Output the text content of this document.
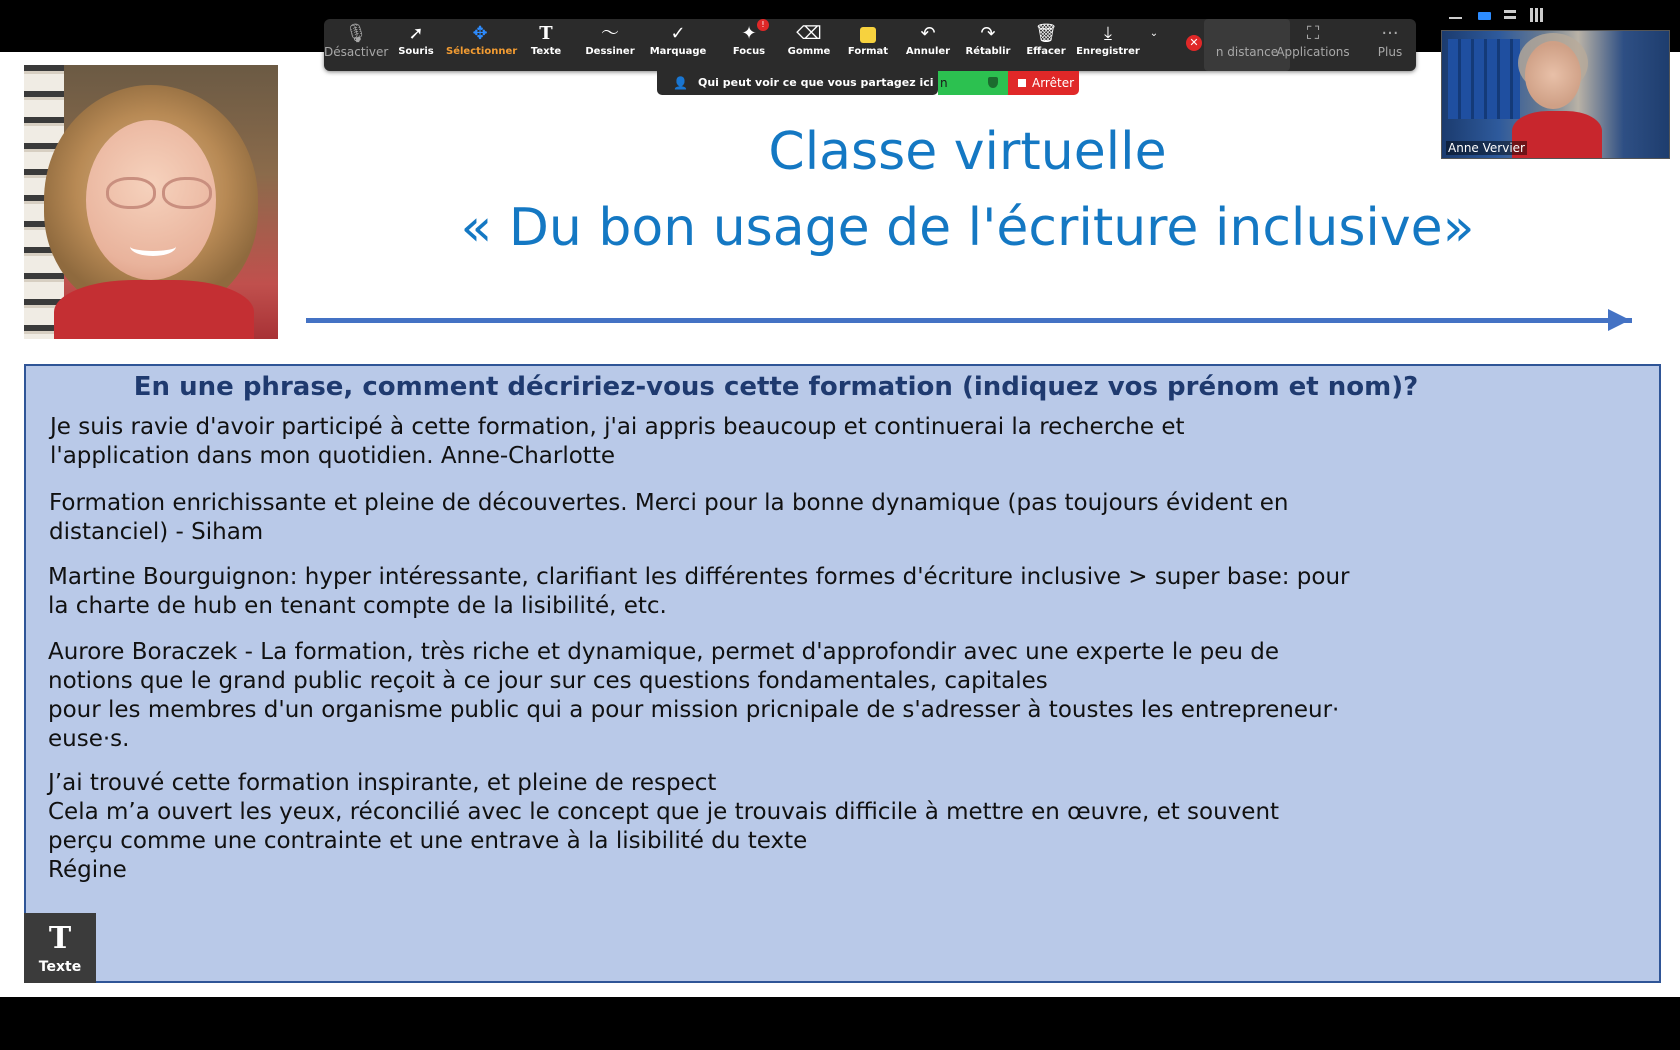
Classe virtuelle
« Du bon usage de l'écriture inclusive»
En une phrase, comment décririez-vous cette formation (indiquez vos prénom et nom)?
Je suis ravie d'avoir participé à cette formation, j'ai appris beaucoup et continuerai la recherche et
l'application dans mon quotidien. Anne-Charlotte
Formation enrichissante et pleine de découvertes. Merci pour la bonne dynamique (pas toujours évident en
distanciel) - Siham
Martine Bourguignon: hyper intéressante, clarifiant les différentes formes d'écriture inclusive > super base: pour
la charte de hub en tenant compte de la lisibilité, etc.
Aurore Boraczek - La formation, très riche et dynamique, permet d'approfondir avec une experte le peu de
notions que le grand public reçoit à ce jour sur ces questions fondamentales, capitales
pour les membres d'un organisme public qui a pour mission pricnipale de s'adresser à toustes les entrepreneur·
euse·s.
J’ai trouvé cette formation inspirante, et pleine de respect
Cela m’a ouvert les yeux, réconcilié avec le concept que je trouvais difficile à mettre en œuvre, et souvent
perçu comme une contrainte et une entrave à la lisibilité du texte
Régine
T
Texte
🎙
Désactiver
➚
Souris
✥
Sélectionner
T
Texte
〜
Dessiner
✓
Marquage
✦
Focus
!	⌫
Gomme	Format
↶
Annuler
↷
Rétablir
🗑
Effacer
⤓
Enregistrer
⌄
✕
n distance
⛶
Applications
···
Plus
👤 Qui peut voir ce que vous partagez ici ?
n	Arrêter
Anne Vervier
